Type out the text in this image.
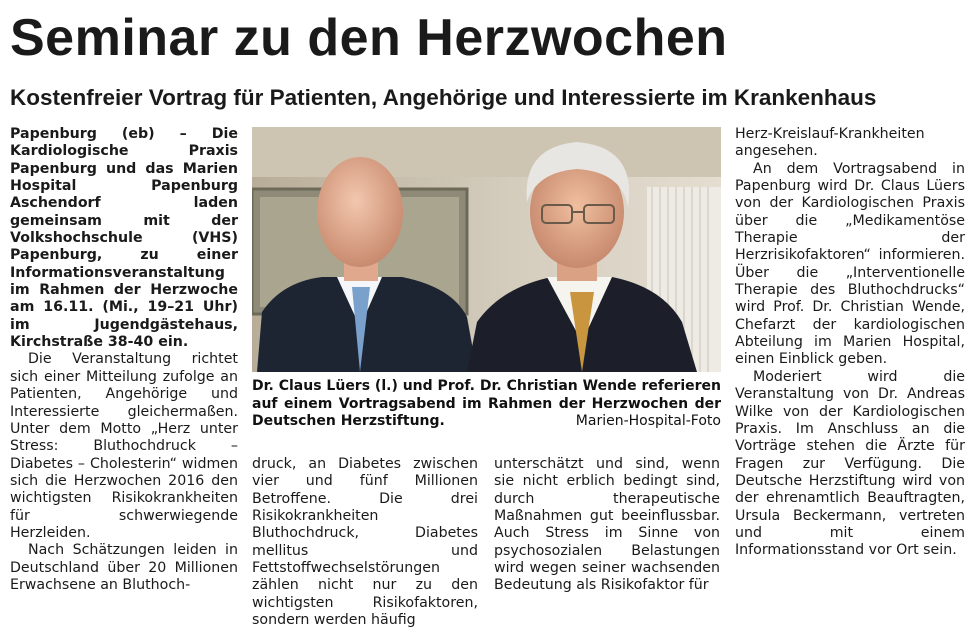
Seminar zu den Herzwochen
Kostenfreier Vortrag für Patienten, Angehörige und Interessierte im Krankenhaus

Papenburg (eb) – Die Kardiologische Praxis Papenburg und das Marien Hospital Papenburg Aschendorf laden gemeinsam mit der Volkshochschule (VHS) Papenburg, zu einer Informationsveranstaltung im Rahmen der Herzwoche am 16.11. (Mi., 19–21 Uhr) im Jugendgästehaus, Kirchstraße 38-40 ein.

Die Veranstaltung richtet sich einer Mitteilung zufolge an Patienten, Angehörige und Interessierte gleichermaßen. Unter dem Motto „Herz unter Stress: Bluthochdruck – Diabetes – Cholesterin“ widmen sich die Herzwochen 2016 den wichtigsten Risikokrankheiten für schwerwiegende Herzleiden.

Nach Schätzungen leiden in Deutschland über 20 Millionen Erwachsene an Bluthoch-

Dr. Claus Lüers (l.) und Prof. Dr. Christian Wende referieren auf einem Vortragsabend im Rahmen der Herzwochen der Deutschen Herzstiftung.	Marien-Hospital-Foto

druck, an Diabetes zwischen vier und fünf Millionen Betroffene. Die drei Risikokrankheiten Bluthochdruck, Diabetes mellitus und Fettstoffwechselstörungen zählen nicht nur zu den wichtigsten Risikofaktoren, sondern werden häufig

unterschätzt und sind, wenn sie nicht erblich bedingt sind, durch therapeutische Maßnahmen gut beeinflussbar. Auch Stress im Sinne von psychosozialen Belastungen wird wegen seiner wachsenden Bedeutung als Risikofaktor für

Herz-Kreislauf-Krankheiten angesehen.

An dem Vortragsabend in Papenburg wird Dr. Claus Lüers von der Kardiologischen Praxis über die „Medikamentöse Therapie der Herzrisikofaktoren“ informieren. Über die „Interventionelle Therapie des Bluthochdrucks“ wird Prof. Dr. Christian Wende, Chefarzt der kardiologischen Abteilung im Marien Hospital, einen Einblick geben.

Moderiert wird die Veranstaltung von Dr. Andreas Wilke von der Kardiologischen Praxis. Im Anschluss an die Vorträge stehen die Ärzte für Fragen zur Verfügung. Die Deutsche Herzstiftung wird von der ehrenamtlich Beauftragten, Ursula Beckermann, vertreten und mit einem Informationsstand vor Ort sein.
